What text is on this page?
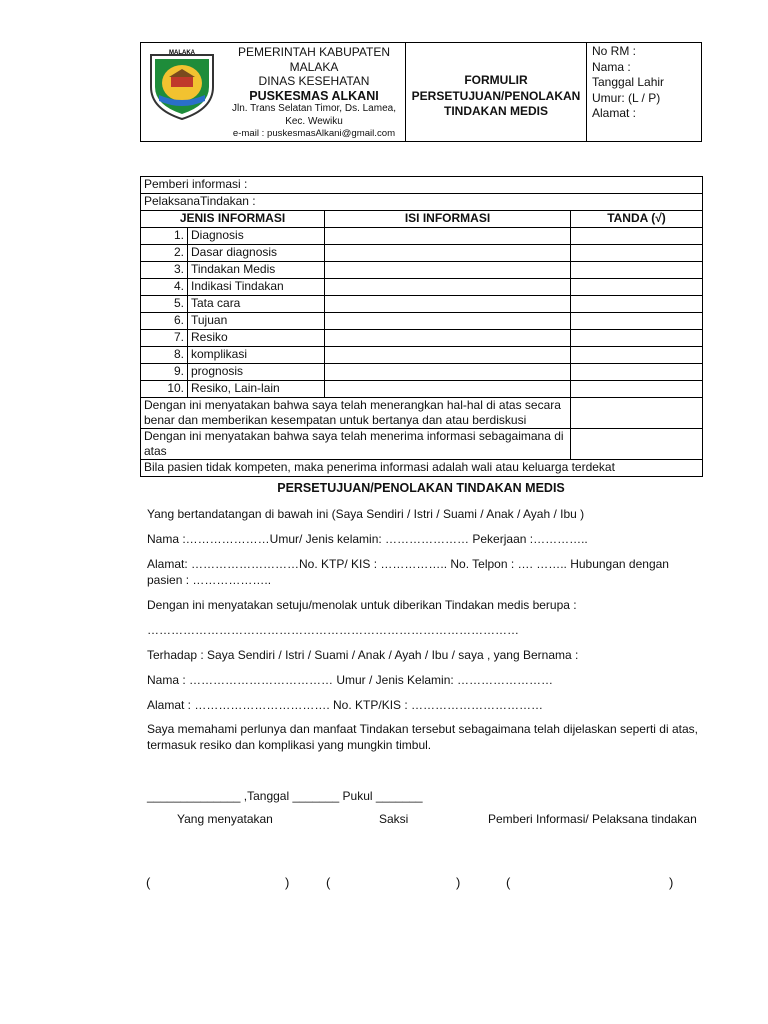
MALAKA	PEMERINTAH KABUPATEN
MALAKA
DINAS KESEHATAN
PUSKESMAS ALKANI
Jln. Trans Selatan Timor, Ds. Lamea,
Kec. Wewiku
e-mail : puskesmasAlkani@gmail.com
FORMULIR
PERSETUJUAN/PENOLAKAN
TINDAKAN MEDIS
No RM :
Nama :
Tanggal Lahir
Umur: (L / P)
Alamat :
Pemberi informasi :			
PelaksanaTindakan :			
JENIS INFORMASI		ISI INFORMASI	TANDA (√)
1.	Diagnosis		
2.	Dasar diagnosis		
3.	Tindakan Medis		
4.	Indikasi Tindakan		
5.	Tata cara		
6.	Tujuan		
7.	Resiko		
8.	komplikasi		
9.	prognosis		
10.	Resiko, Lain-lain		
Dengan ini menyatakan bahwa saya telah menerangkan hal-hal di atas secara benar dan memberikan kesempatan untuk bertanya dan atau berdiskusi			
Dengan ini menyatakan bahwa saya telah menerima informasi sebagaimana di atas			
Bila pasien tidak kompeten, maka penerima informasi adalah wali atau keluarga terdekat			
PERSETUJUAN/PENOLAKAN TINDAKAN MEDIS
Yang bertandatangan di bawah ini (Saya Sendiri / Istri / Suami / Anak / Ayah / Ibu )
Nama :…………………Umur/ Jenis kelamin: ………………… Pekerjaan :…………..
Alamat: ………………………No. KTP/ KIS : …………….. No. Telpon : …. …….. Hubungan dengan pasien : ………………..
Dengan ini menyatakan setuju/menolak untuk diberikan Tindakan medis berupa :
…………………………………………………………………………………
Terhadap : Saya Sendiri / Istri / Suami / Anak / Ayah / Ibu / saya , yang Bernama :
Nama : ……………………………… Umur / Jenis Kelamin: ……………………
Alamat : ……………………………. No. KTP/KIS : ……………………………
Saya memahami perlunya dan manfaat Tindakan tersebut sebagaimana telah dijelaskan seperti di atas, termasuk resiko dan komplikasi yang mungkin timbul.
______________ ,Tanggal _______ Pukul _______
Yang menyatakan	Saksi	Pemberi Informasi/ Pelaksana tindakan
(	)	(	)	(	)
